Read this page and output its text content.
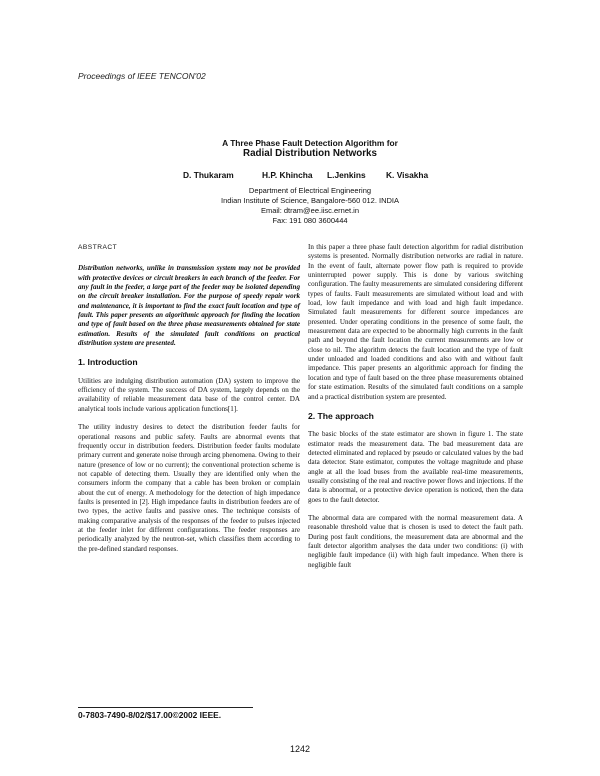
Proceedings of IEEE TENCON'02
A Three Phase Fault Detection Algorithm for
Radial Distribution Networks
D. Thukaram	H.P. Khincha L.Jenkins K. Visakha
Department of Electrical Engineering
Indian Institute of Science, Bangalore-560 012. INDIA
Email: dtram@ee.iisc.ernet.in
Fax: 191 080 3600444

ABSTRACT

Distribution networks, unlike in transmission system may not be provided with protective devices or circuit breakers in each branch of the feeder. For any fault in the feeder, a large part of the feeder may be isolated depending on the circuit breaker installation. For the purpose of speedy repair work and maintenance, it is important to find the exact fault location and type of fault. This paper presents an algorithmic approach for finding the location and type of fault based on the three phase measurements obtained for state estimation. Results of the simulated fault conditions on practical distribution system are presented.

1. Introduction

Utilities are indulging distribution automation (DA) system to improve the efficiency of the system. The success of DA system, largely depends on the availability of reliable measurement data base of the control center. DA analytical tools include various application functions[1].

The utility industry desires to detect the distribution feeder faults for operational reasons and public safety. Faults are abnormal events that frequently occur in distribution feeders. Distribution feeder faults modulate primary current and generate noise through arcing phenomena. Owing to their nature (presence of low or no current); the conventional protection scheme is not capable of detecting them. Usually they are identified only when the consumers inform the company that a cable has been broken or complain about the cut of energy. A methodology for the detection of high impedance faults is presented in [2]. High impedance faults in distribution feeders are of two types, the active faults and passive ones. The technique consists of making comparative analysis of the responses of the feeder to pulses injected at the feeder inlet for different configurations. The feeder responses are periodically analyzed by the neutron-set, which classifies them according to the pre-defined standard responses.

In this paper a three phase fault detection algorithm for radial distribution systems is presented. Normally distribution networks are radial in nature. In the event of fault, alternate power flow path is required to provide uninterrupted power supply. This is done by various switching configuration. The faulty measurements are simulated considering different types of faults. Fault measurements are simulated without load and with load, low fault impedance and with load and high fault impedance. Simulated fault measurements for different source impedances are presented. Under operating conditions in the presence of some fault, the measurement data are expected to be abnormally high currents in the fault path and beyond the fault location the current measurements are low or close to nil. The algorithm detects the fault location and the type of fault under unloaded and loaded conditions and also with and without fault impedance. This paper presents an algorithmic approach for finding the location and type of fault based on the three phase measurements obtained for state estimation. Results of the simulated fault conditions on a sample and a practical distribution system are presented.

2. The approach

The basic blocks of the state estimator are shown in figure 1. The state estimator reads the measurement data. The bad measurement data are detected eliminated and replaced by pseudo or calculated values by the bad data detector. State estimator, computes the voltage magnitude and phase angle at all the load buses from the available real-time measurements, usually consisting of the real and reactive power flows and injections. If the data is abnormal, or a protective device operation is noticed, then the data goes to the fault detector.

The abnormal data are compared with the normal measurement data. A reasonable threshold value that is chosen is used to detect the fault path. During post fault conditions, the measurement data are abnormal and the fault detector algorithm analyses the data under two conditions: (i) with negligible fault impedance (ii) with high fault impedance. When there is negligible fault

0-7803-7490-8/02/$17.00©2002 IEEE.
1242
